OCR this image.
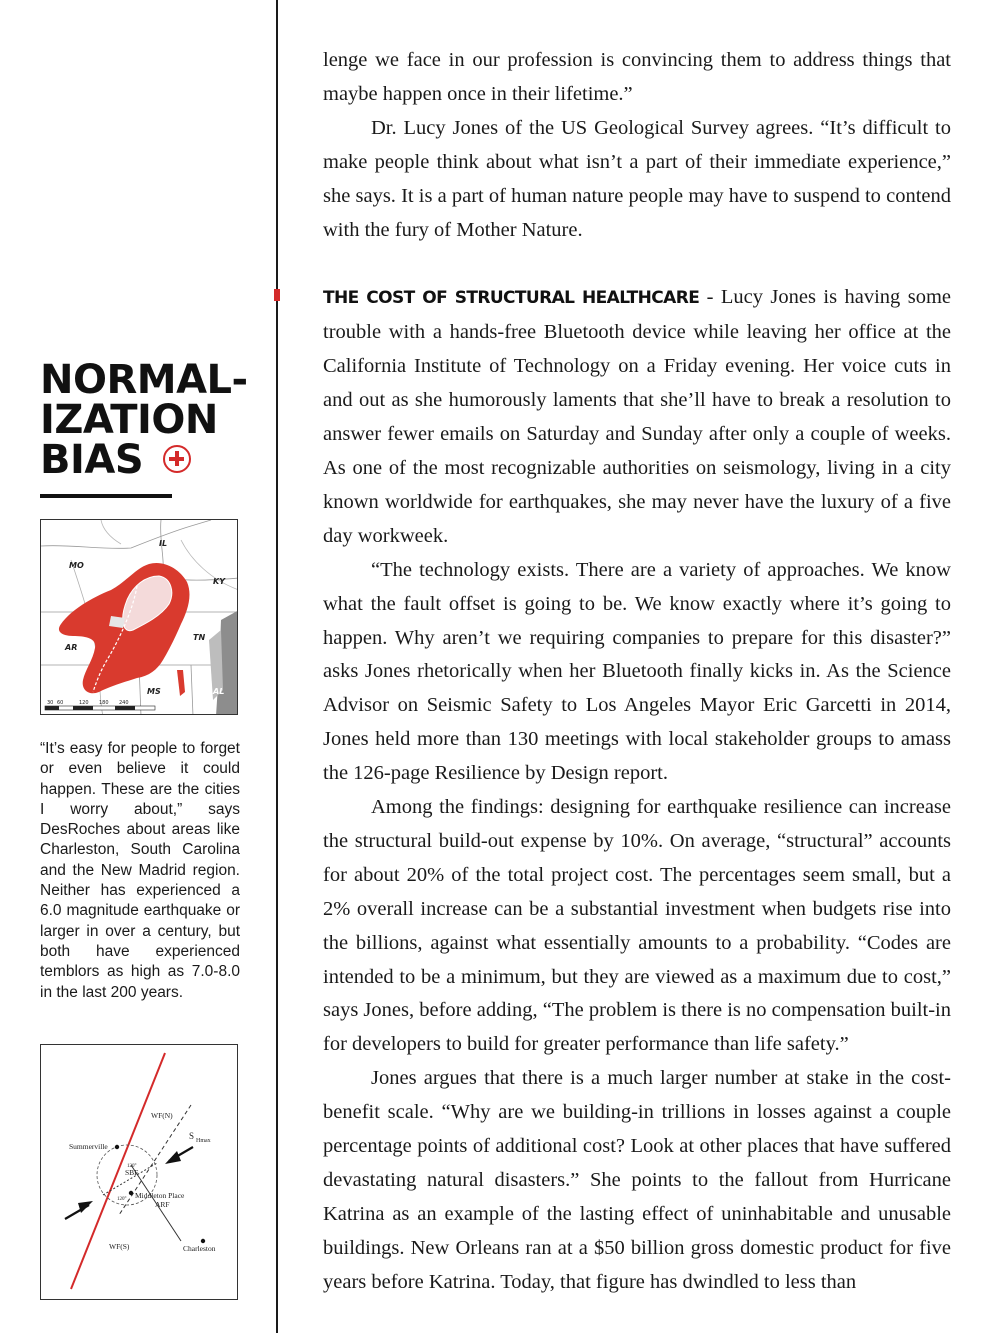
NORMAL-
IZATION
BIAS
IL
MO
KY
TN
AR
MS	AL
30 60	120 180 240
“It’s easy for people to forget or even believe it could happen. These are the cities I worry about,” says DesRoches about areas like Charleston, South Carolina and the New Madrid region. Neither has experienced a 6.0 magnitude earthquake or larger in over a century, but both have experienced temblors as high as 7.0-8.0 in the last 200 years.
WF(N)
S Hmax
Summerville
SBF
120°
120° Middleton Place
ARF
WF(S)	Charleston

lenge we face in our profession is convincing them to address things that maybe happen once in their lifetime.”

Dr. Lucy Jones of the US Geological Survey agrees. “It’s difficult to make people think about what isn’t a part of their immediate experience,” she says. It is a part of human nature people may have to suspend to contend with the fury of Mother Nature.

THE COST OF STRUCTURAL HEALTHCARE - Lucy Jones is having some trouble with a hands-free Bluetooth device while leaving her office at the California Institute of Technology on a Friday evening. Her voice cuts in and out as she humorously laments that she’ll have to break a resolution to answer fewer emails on Saturday and Sunday after only a couple of weeks. As one of the most recognizable authorities on seismology, living in a city known worldwide for earthquakes, she may never have the luxury of a five day workweek.

“The technology exists. There are a variety of approaches. We know what the fault offset is going to be. We know exactly where it’s going to happen. Why aren’t we requiring companies to prepare for this disaster?” asks Jones rhetorically when her Bluetooth finally kicks in. As the Science Advisor on Seismic Safety to Los Angeles Mayor Eric Garcetti in 2014, Jones held more than 130 meetings with local stakeholder groups to amass the 126-page Resilience by Design report.

Among the findings: designing for earthquake resilience can increase the structural build-out expense by 10%. On average, “structural” accounts for about 20% of the total project cost. The percentages seem small, but a 2% overall increase can be a substantial investment when budgets rise into the billions, against what essentially amounts to a probability. “Codes are intended to be a minimum, but they are viewed as a maximum due to cost,” says Jones, before adding, “The problem is there is no compensation built-in for developers to build for greater performance than life safety.”

Jones argues that there is a much larger number at stake in the cost-benefit scale. “Why are we building-in trillions in losses against a couple percentage points of additional cost? Look at other places that have suffered devastating natural disasters.” She points to the fallout from Hurricane Katrina as an example of the lasting effect of uninhabitable and unusable buildings. New Orleans ran at a $50 billion gross domestic product for five years before Katrina. Today, that figure has dwindled to less than
